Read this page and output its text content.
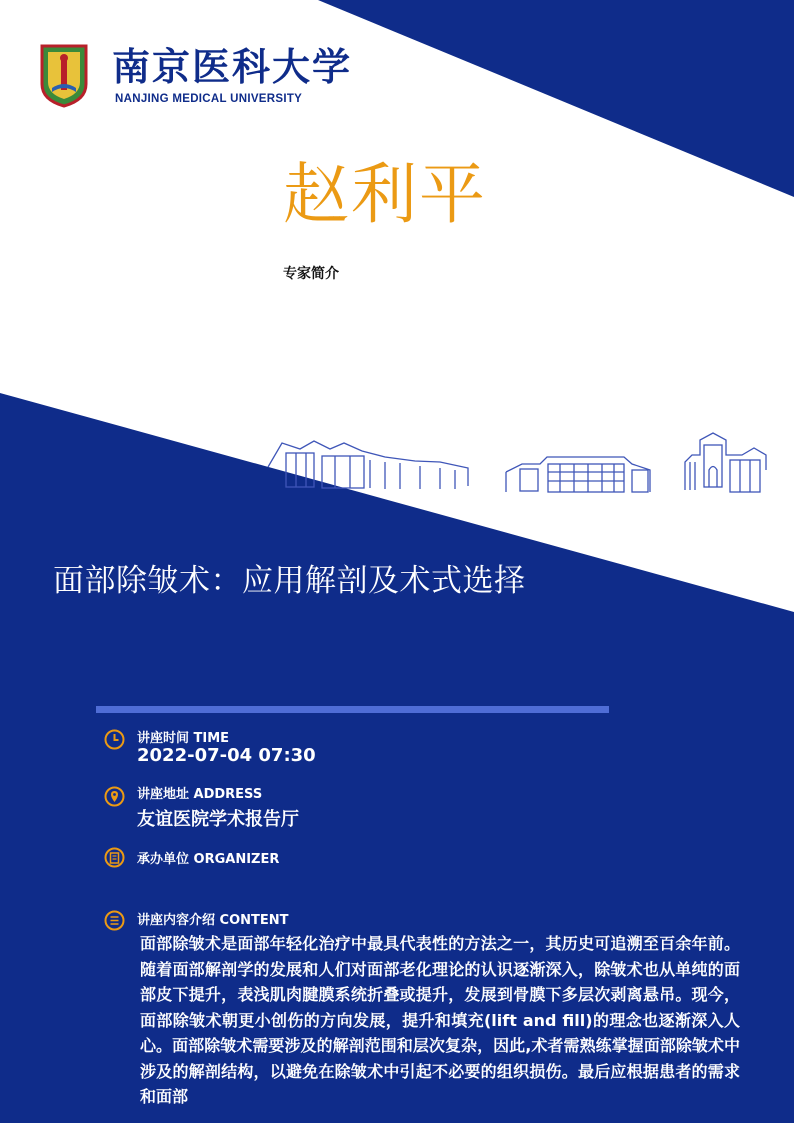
南京医科大学
NANJING MEDICAL UNIVERSITY
赵利平
专家简介
面部除皱术：应用解剖及术式选择
讲座时间 TIME
2022-07-04 07:30
讲座地址 ADDRESS
友谊医院学术报告厅
承办单位 ORGANIZER
讲座内容介绍 CONTENT
面部除皱术是面部年轻化治疗中最具代表性的方法之一，其历史可追溯至百余年前。随着面部解剖学的发展和人们对面部老化理论的认识逐渐深入，除皱术也从单纯的面部皮下提升，表浅肌肉腱膜系统折叠或提升，发展到骨膜下多层次剥离悬吊。现今，面部除皱术朝更小创伤的方向发展，提升和填充(lift and fill)的理念也逐渐深入人心。面部除皱术需要涉及的解剖范围和层次复杂，因此,术者需熟练掌握面部除皱术中涉及的解剖结构，以避免在除皱术中引起不必要的组织损伤。最后应根据患者的需求和面部
